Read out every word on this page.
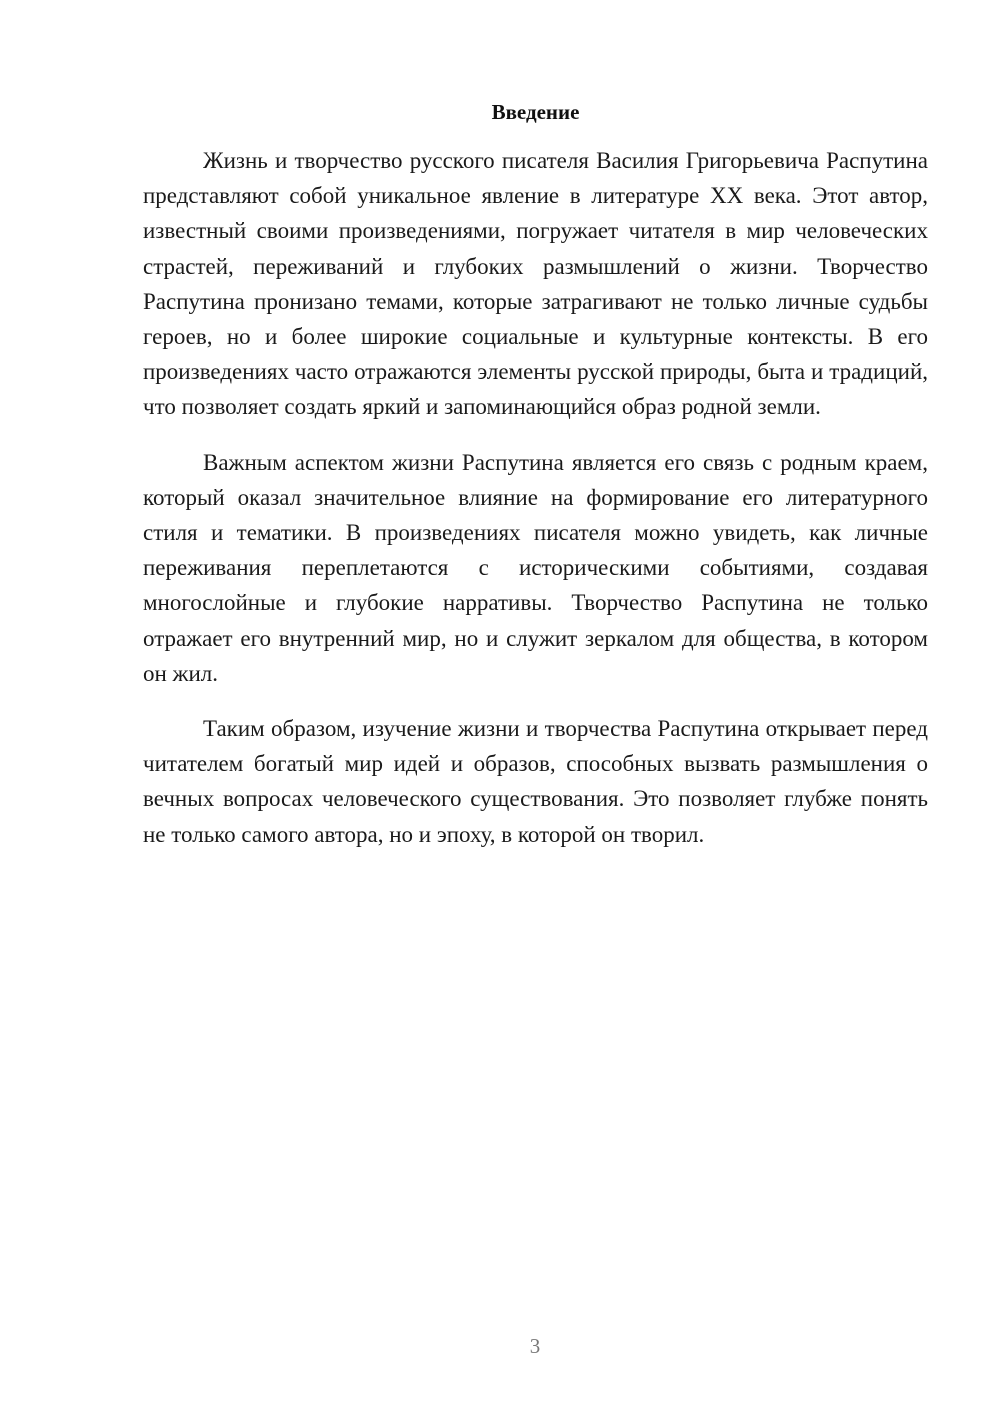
Введение

Жизнь и творчество русского писателя Василия Григорьевича Распутина представляют собой уникальное явление в литературе XX века. Этот автор, известный своими произведениями, погружает читателя в мир человеческих страстей, переживаний и глубоких размышлений о жизни. Творчество Распутина пронизано темами, которые затрагивают не только личные судьбы героев, но и более широкие социальные и культурные контексты. В его произведениях часто отражаются элементы русской природы, быта и традиций, что позволяет создать яркий и запоминающийся образ родной земли.

Важным аспектом жизни Распутина является его связь с родным краем, который оказал значительное влияние на формирование его литературного стиля и тематики. В произведениях писателя можно увидеть, как личные переживания переплетаются с историческими событиями, создавая многослойные и глубокие нарративы. Творчество Распутина не только отражает его внутренний мир, но и служит зеркалом для общества, в котором он жил.

Таким образом, изучение жизни и творчества Распутина открывает перед читателем богатый мир идей и образов, способных вызвать размышления о вечных вопросах человеческого существования. Это позволяет глубже понять не только самого автора, но и эпоху, в которой он творил.

3
